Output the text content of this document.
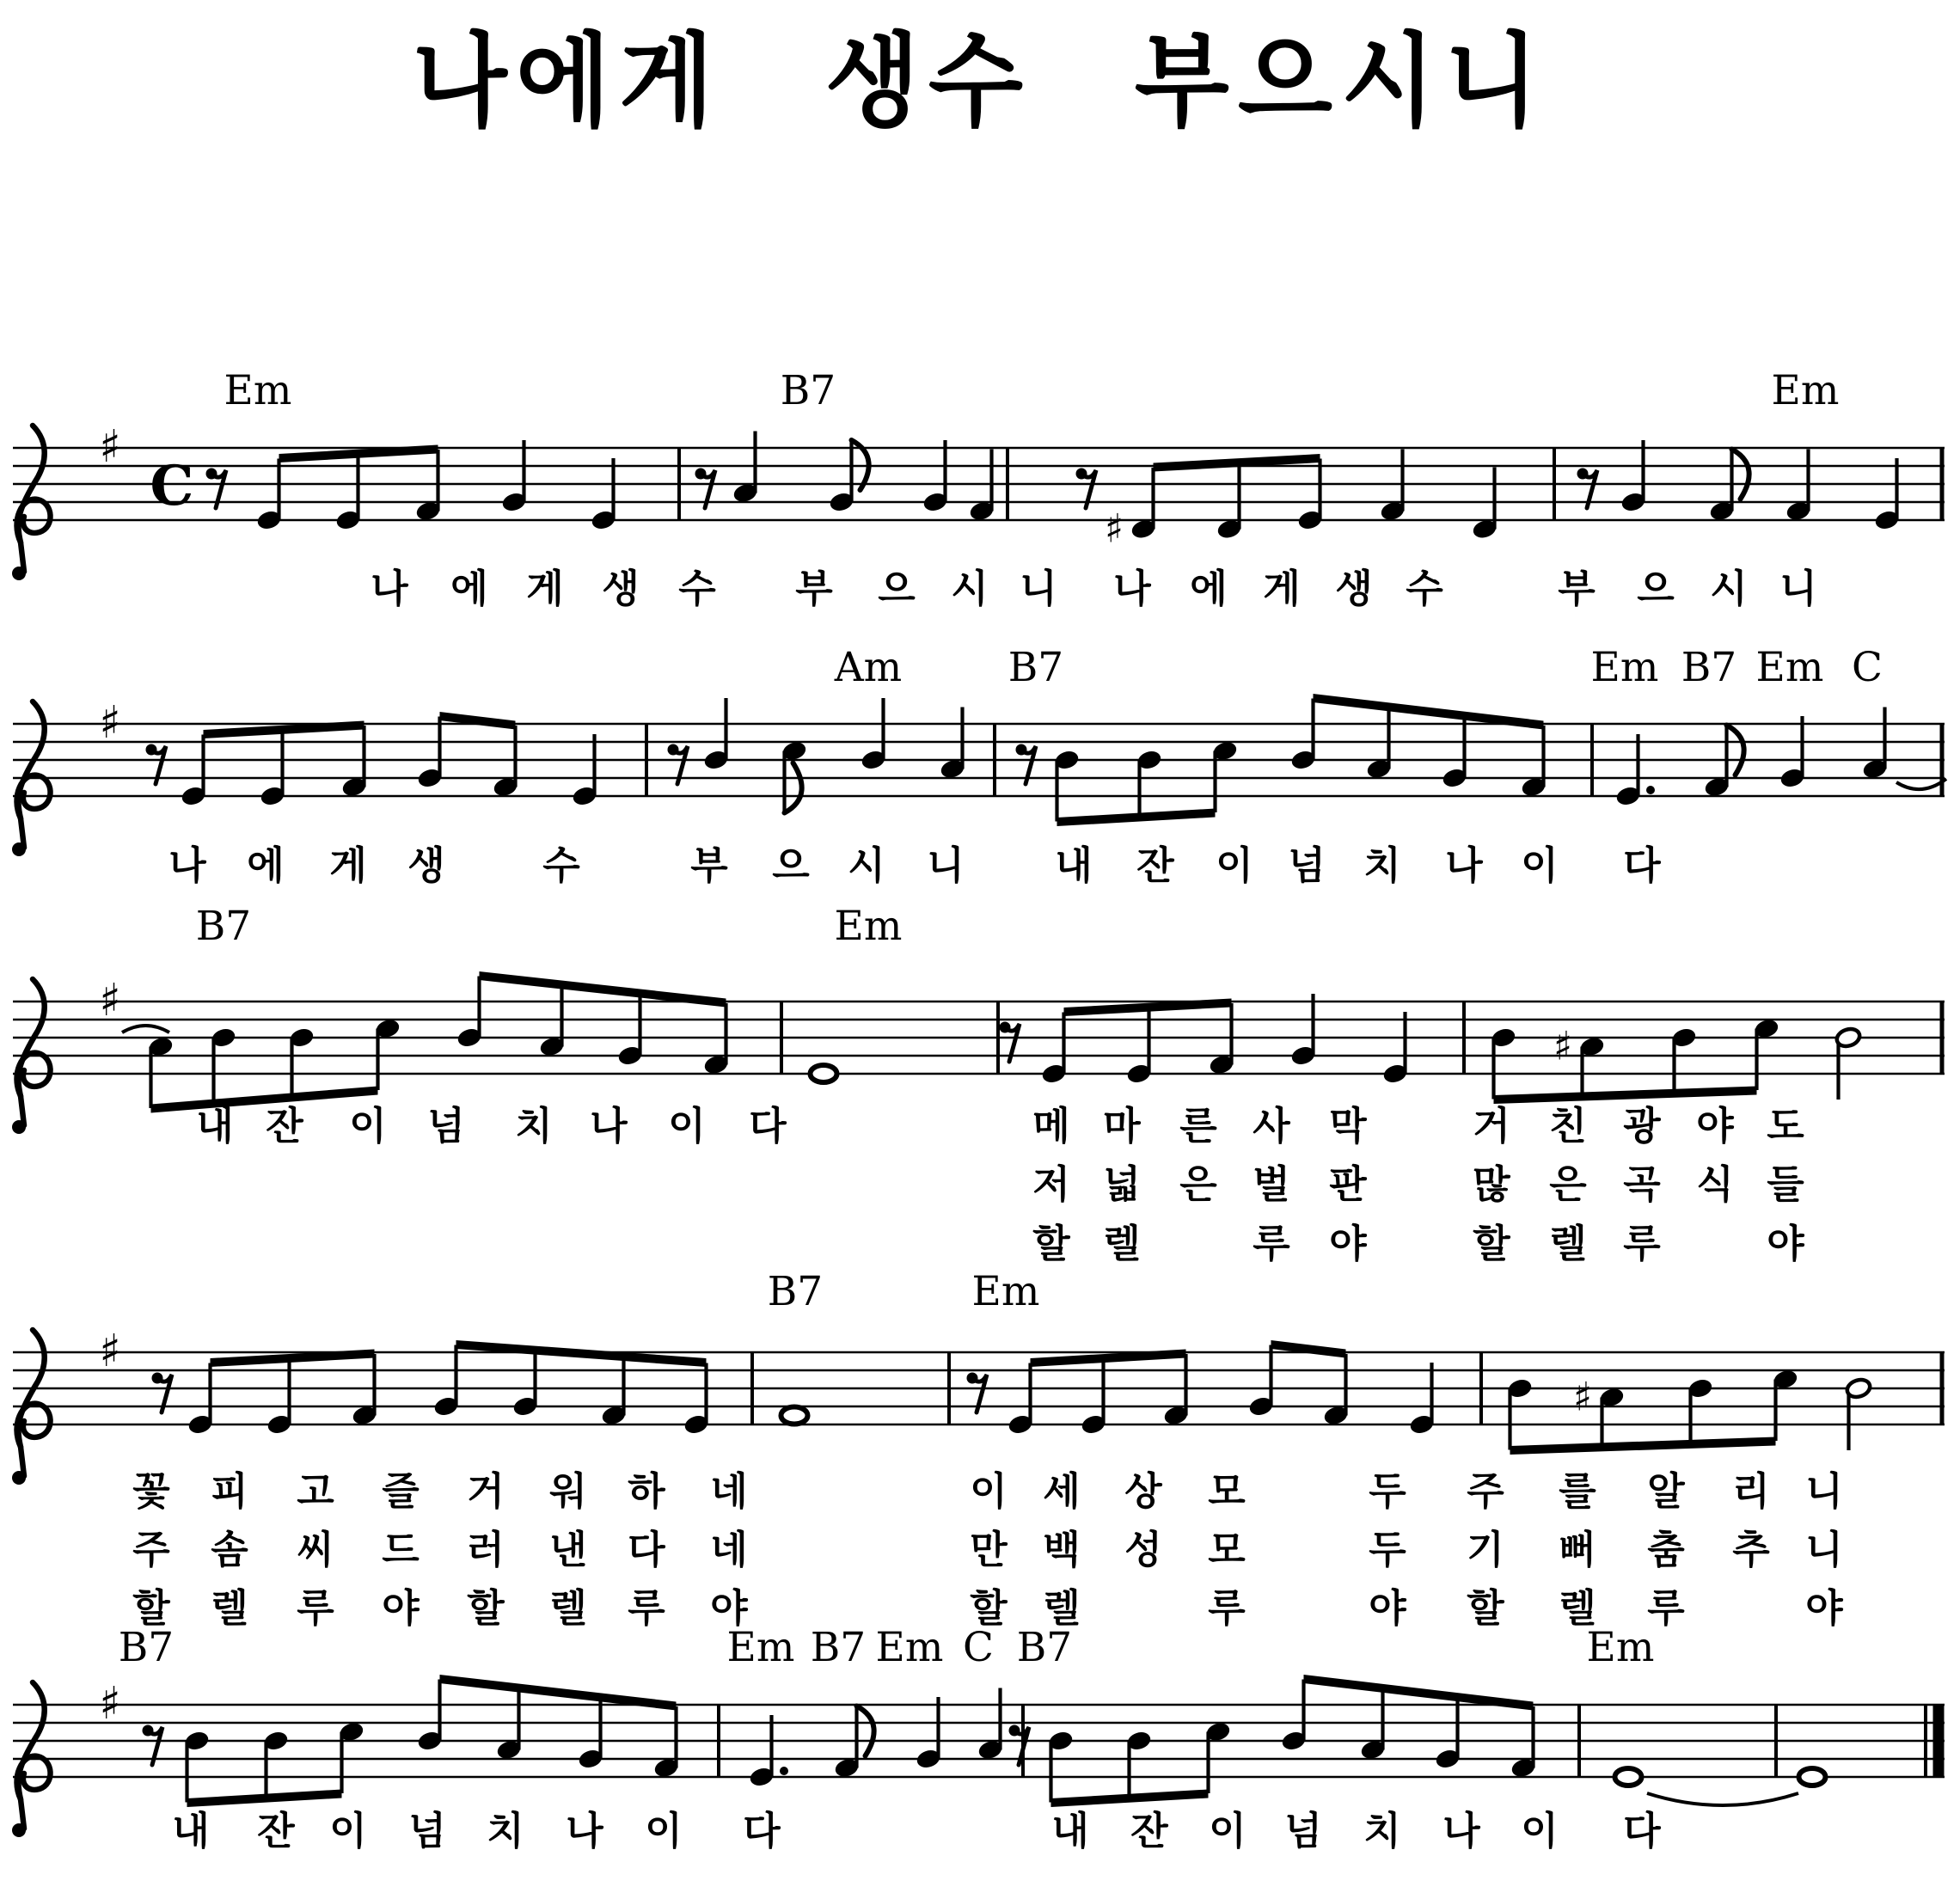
나에게 생수 부으시니
♯
C
♯
Em	B7	Em
나 에 게 생 수 부 으 시 니 나 에 게 생 수	부 으 시 니
♯
Am	B7	Em B7 Em C
나 에 게 생	수	부 으 시 니 내 잔 이 넘 치 나 이 다
♯
♯
B7	Em
내 잔 이 넘 치 나 이 다	메 마 른 사 막	거 친 광 야 도
저 넓 은 벌 판	많 은 곡 식 들
할 렐	루 야	할 렐 루	야
♯
♯
B7	Em
꽃 피 고 즐 거 워 하 네	이 세 상 모	두 주 를 알 리 니
주 솜 씨 드 러 낸 다 네	만 백 성 모	두 기 뻐 춤 추 니
할 렐 루 야 할 렐 루 야	할 렐	루	야 할 렐 루	야
♯
B7	Em B7 Em C B7	Em
내 잔 이 넘 치 나 이 다	내 잔 이 넘 치 나 이 다
